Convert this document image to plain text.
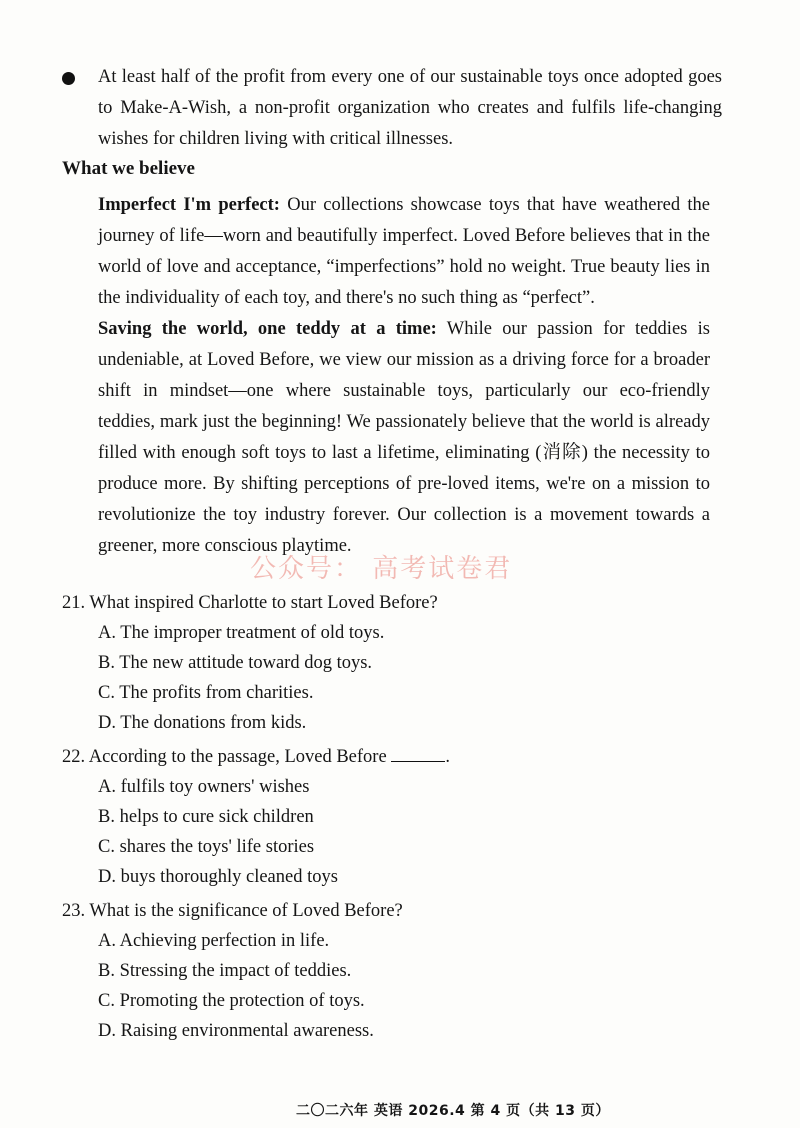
At least half of the profit from every one of our sustainable toys once adopted goes to Make-A-Wish, a non-profit organization who creates and fulfils life-changing wishes for children living with critical illnesses.
What we believe
Imperfect I'm perfect: Our collections showcase toys that have weathered the journey of life—worn and beautifully imperfect. Loved Before believes that in the world of love and acceptance, “imperfections” hold no weight. True beauty lies in the individuality of each toy, and there's no such thing as “perfect”.
Saving the world, one teddy at a time: While our passion for teddies is undeniable, at Loved Before, we view our mission as a driving force for a broader shift in mindset—one where sustainable toys, particularly our eco-friendly teddies, mark just the beginning! We passionately believe that the world is already filled with enough soft toys to last a lifetime, eliminating (消除) the necessity to produce more. By shifting perceptions of pre-loved items, we're on a mission to revolutionize the toy industry forever. Our collection is a movement towards a greener, more conscious playtime.
公众号： 高考试卷君
21. What inspired Charlotte to start Loved Before?
A. The improper treatment of old toys.
B. The new attitude toward dog toys.
C. The profits from charities.
D. The donations from kids.
22. According to the passage, Loved Before	.
A. fulfils toy owners' wishes
B. helps to cure sick children
C. shares the toys' life stories
D. buys thoroughly cleaned toys
23. What is the significance of Loved Before?
A. Achieving perfection in life.
B. Stressing the impact of teddies.
C. Promoting the protection of toys.
D. Raising environmental awareness.
二〇二六年 英语 2026.4 第 4 页（共 13 页）
